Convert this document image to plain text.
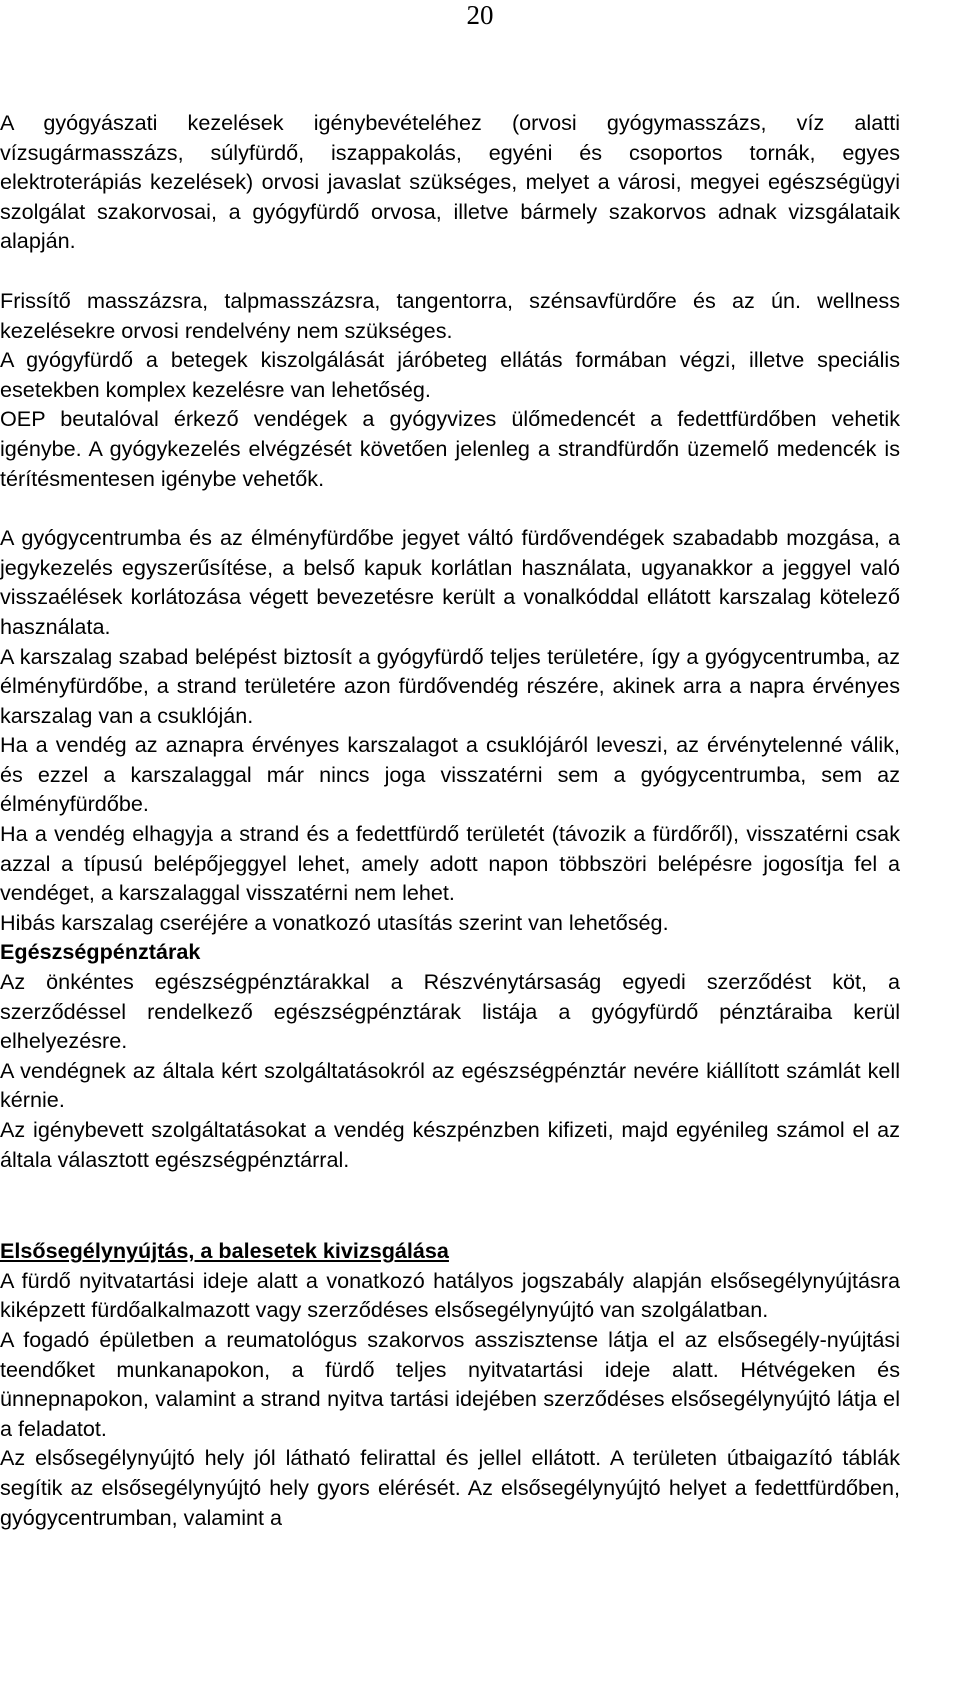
20

A gyógyászati kezelések igénybevételéhez (orvosi gyógymasszázs, víz alatti vízsugármasszázs, súlyfürdő, iszappakolás, egyéni és csoportos tornák, egyes elektroterápiás kezelések) orvosi javaslat szükséges, melyet a városi, megyei egészségügyi szolgálat szakorvosai, a gyógyfürdő orvosa, illetve bármely szakorvos adnak vizsgálataik alapján.

Frissítő masszázsra, talpmasszázsra, tangentorra, szénsavfürdőre és az ún. wellness kezelésekre orvosi rendelvény nem szükséges.

A gyógyfürdő a betegek kiszolgálását járóbeteg ellátás formában végzi, illetve speciális esetekben komplex kezelésre van lehetőség.

OEP beutalóval érkező vendégek a gyógyvizes ülőmedencét a fedettfürdőben vehetik igénybe. A gyógykezelés elvégzését követően jelenleg a strandfürdőn üzemelő medencék is térítésmentesen igénybe vehetők.

A gyógycentrumba és az élményfürdőbe jegyet váltó fürdővendégek szabadabb mozgása, a jegykezelés egyszerűsítése, a belső kapuk korlátlan használata, ugyanakkor a jeggyel való visszaélések korlátozása végett bevezetésre került a vonalkóddal ellátott karszalag kötelező használata.

A karszalag szabad belépést biztosít a gyógyfürdő teljes területére, így a gyógycentrumba, az élményfürdőbe, a strand területére azon fürdővendég részére, akinek arra a napra érvényes karszalag van a csuklóján.

Ha a vendég az aznapra érvényes karszalagot a csuklójáról leveszi, az érvénytelenné válik, és ezzel a karszalaggal már nincs joga visszatérni sem a gyógycentrumba, sem az élményfürdőbe.

Ha a vendég elhagyja a strand és a fedettfürdő területét (távozik a fürdőről), visszatérni csak azzal a típusú belépőjeggyel lehet, amely adott napon többszöri belépésre jogosítja fel a vendéget, a karszalaggal visszatérni nem lehet.

Hibás karszalag cseréjére a vonatkozó utasítás szerint van lehetőség.

Egészségpénztárak

Az önkéntes egészségpénztárakkal a Részvénytársaság egyedi szerződést köt, a szerződéssel rendelkező egészségpénztárak listája a gyógyfürdő pénztáraiba kerül elhelyezésre.

A vendégnek az általa kért szolgáltatásokról az egészségpénztár nevére kiállított számlát kell kérnie.

Az igénybevett szolgáltatásokat a vendég készpénzben kifizeti, majd egyénileg számol el az általa választott egészségpénztárral.

Elsősegélynyújtás, a balesetek kivizsgálása

A fürdő nyitvatartási ideje alatt a vonatkozó hatályos jogszabály alapján elsősegélynyújtásra kiképzett fürdőalkalmazott vagy szerződéses elsősegélynyújtó van szolgálatban.

A fogadó épületben a reumatológus szakorvos asszisztense látja el az elsősegély-nyújtási teendőket munkanapokon, a fürdő teljes nyitvatartási ideje alatt. Hétvégeken és ünnepnapokon, valamint a strand nyitva tartási idejében szerződéses elsősegélynyújtó látja el a feladatot.

Az elsősegélynyújtó hely jól látható felirattal és jellel ellátott. A területen útbaigazító táblák segítik az elsősegélynyújtó hely gyors elérését. Az elsősegélynyújtó helyet a fedettfürdőben, gyógycentrumban, valamint a
